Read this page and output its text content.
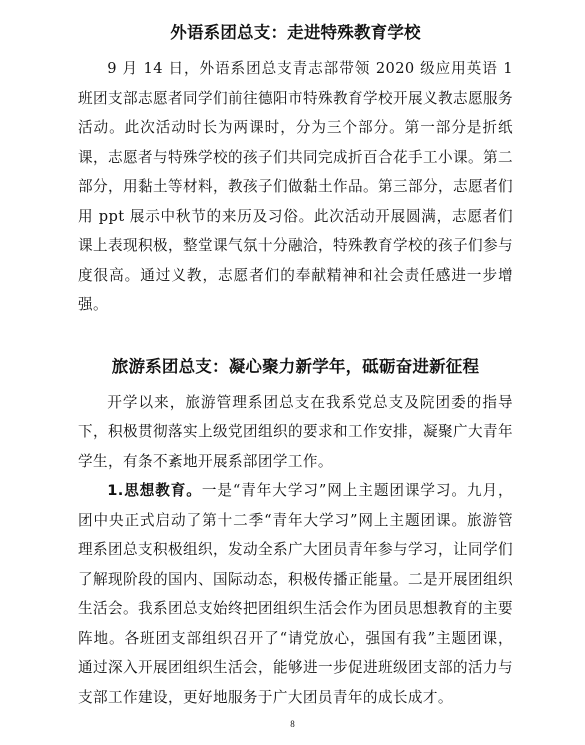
外语系团总支：走进特殊教育学校

9 月 14 日，外语系团总支青志部带领 2020 级应用英语 1 班团支部志愿者同学们前往德阳市特殊教育学校开展义教志愿服务活动。此次活动时长为两课时，分为三个部分。第一部分是折纸课，志愿者与特殊学校的孩子们共同完成折百合花手工小课。第二部分，用黏土等材料，教孩子们做黏土作品。第三部分，志愿者们用 ppt 展示中秋节的来历及习俗。此次活动开展圆满，志愿者们课上表现积极，整堂课气氛十分融洽，特殊教育学校的孩子们参与度很高。通过义教，志愿者们的奉献精神和社会责任感进一步增强。

旅游系团总支：凝心聚力新学年，砥砺奋进新征程

开学以来，旅游管理系团总支在我系党总支及院团委的指导下，积极贯彻落实上级党团组织的要求和工作安排，凝聚广大青年学生，有条不紊地开展系部团学工作。

1.思想教育。一是“青年大学习”网上主题团课学习。九月，团中央正式启动了第十二季“青年大学习”网上主题团课。旅游管理系团总支积极组织，发动全系广大团员青年参与学习，让同学们了解现阶段的国内、国际动态，积极传播正能量。二是开展团组织生活会。我系团总支始终把团组织生活会作为团员思想教育的主要阵地。各班团支部组织召开了“请党放心，强国有我”主题团课，通过深入开展团组织生活会，能够进一步促进班级团支部的活力与支部工作建设，更好地服务于广大团员青年的成长成才。

8
